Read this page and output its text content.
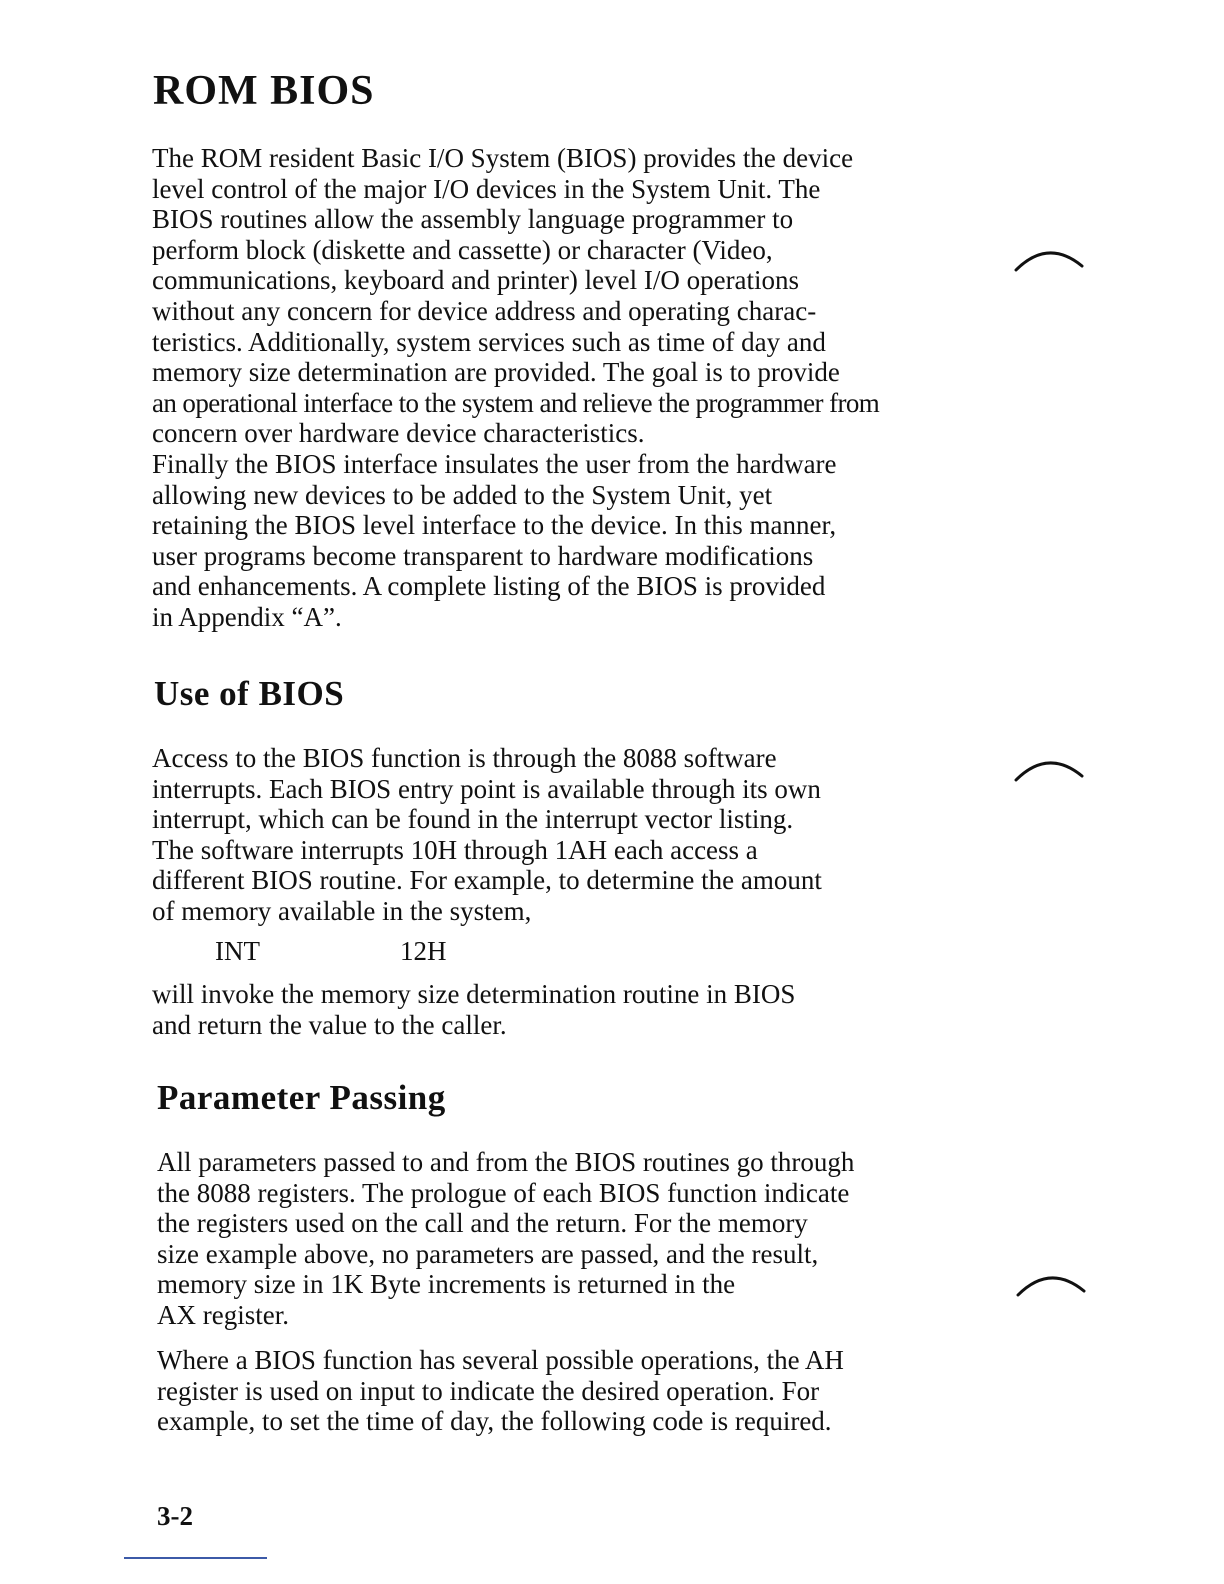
ROM BIOS
The ROM resident Basic I/O System (BIOS) provides the device
level control of the major I/O devices in the System Unit. The
BIOS routines allow the assembly language programmer to
perform block (diskette and cassette) or character (Video,
communications, keyboard and printer) level I/O operations
without any concern for device address and operating charac-
teristics. Additionally, system services such as time of day and
memory size determination are provided. The goal is to provide
an operational interface to the system and relieve the programmer from
concern over hardware device characteristics.
Finally the BIOS interface insulates the user from the hardware
allowing new devices to be added to the System Unit, yet
retaining the BIOS level interface to the device. In this manner,
user programs become transparent to hardware modifications
and enhancements. A complete listing of the BIOS is provided
in Appendix “A”.
Use of BIOS
Access to the BIOS function is through the 8088 software
interrupts. Each BIOS entry point is available through its own
interrupt, which can be found in the interrupt vector listing.
The software interrupts 10H through 1AH each access a
different BIOS routine. For example, to determine the amount
of memory available in the system,
INT	12H
will invoke the memory size determination routine in BIOS
and return the value to the caller.
Parameter Passing
All parameters passed to and from the BIOS routines go through
the 8088 registers. The prologue of each BIOS function indicate
the registers used on the call and the return. For the memory
size example above, no parameters are passed, and the result,
memory size in 1K Byte increments is returned in the
AX register.
Where a BIOS function has several possible operations, the AH
register is used on input to indicate the desired operation. For
example, to set the time of day, the following code is required.
3-2
